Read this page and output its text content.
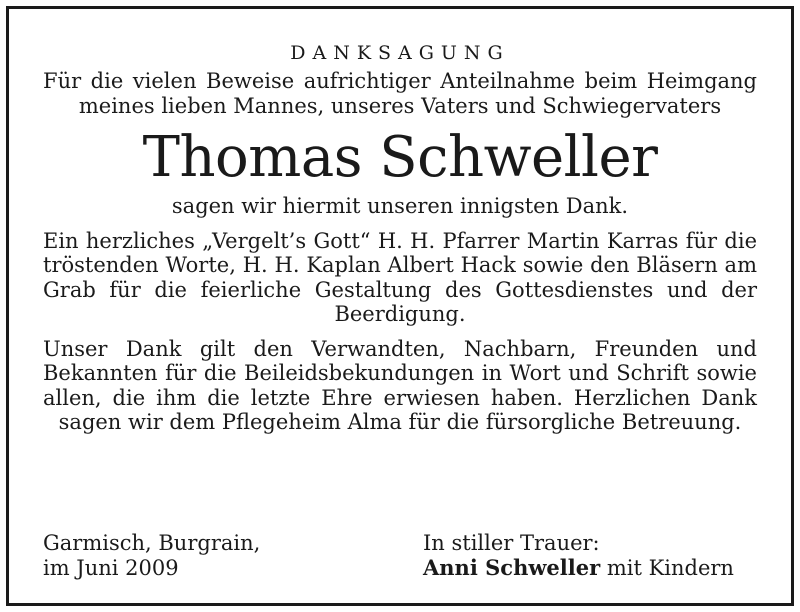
DANKSAGUNG

Für die vielen Beweise aufrichtiger Anteilnahme beim Heimgang meines lieben Mannes, unseres Vaters und Schwiegervaters

Thomas Schweller

sagen wir hiermit unseren innigsten Dank.

Ein herzliches „Vergelt’s Gott“ H. H. Pfarrer Martin Karras für die tröstenden Worte, H. H. Kaplan Albert Hack sowie den Bläsern am Grab für die feierliche Gestaltung des Gottesdienstes und der Beerdigung.

Unser Dank gilt den Verwandten, Nachbarn, Freunden und Bekannten für die Beileidsbekundungen in Wort und Schrift sowie allen, die ihm die letzte Ehre erwiesen haben. Herzlichen Dank sagen wir dem Pflegeheim Alma für die fürsorgliche Betreuung.

Garmisch, Burgrain,
im Juni 2009
In stiller Trauer:
Anni Schweller mit Kindern
